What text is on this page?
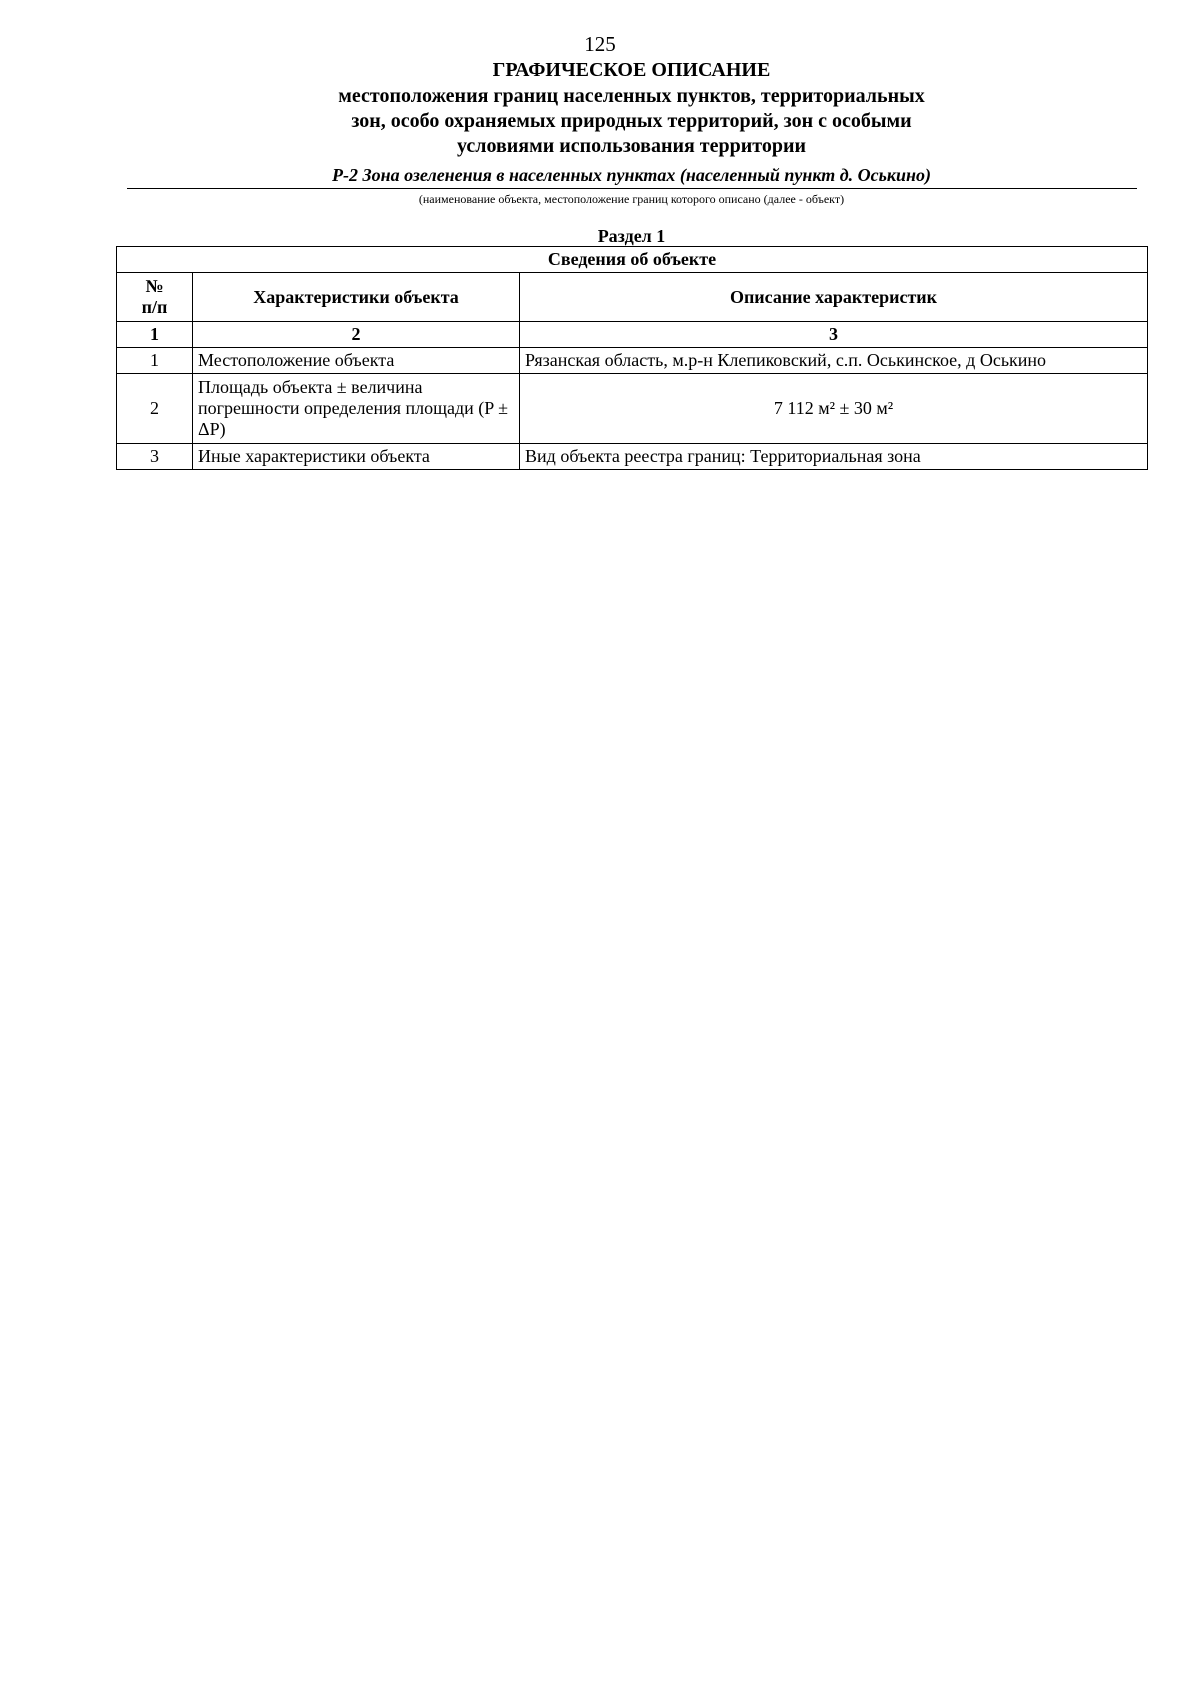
125
ГРАФИЧЕСКОЕ ОПИСАНИЕ
местоположения границ населенных пунктов, территориальных
зон, особо охраняемых природных территорий, зон с особыми
условиями использования территории
Р-2 Зона озеленения в населенных пунктах (населенный пункт д. Оськино)
(наименование объекта, местоположение границ которого описано (далее - объект)
Раздел 1
Сведения об объекте		
№
п/п	Характеристики объекта	Описание характеристик
1	2	3
1	Местоположение объекта	Рязанская область, м.р-н Клепиковский, с.п. Оськинское, д Оськино
2	Площадь объекта ± величина погрешности определения площади (P ± ΔP)	7 112 м² ± 30 м²
3	Иные характеристики объекта	Вид объекта реестра границ: Территориальная зона
